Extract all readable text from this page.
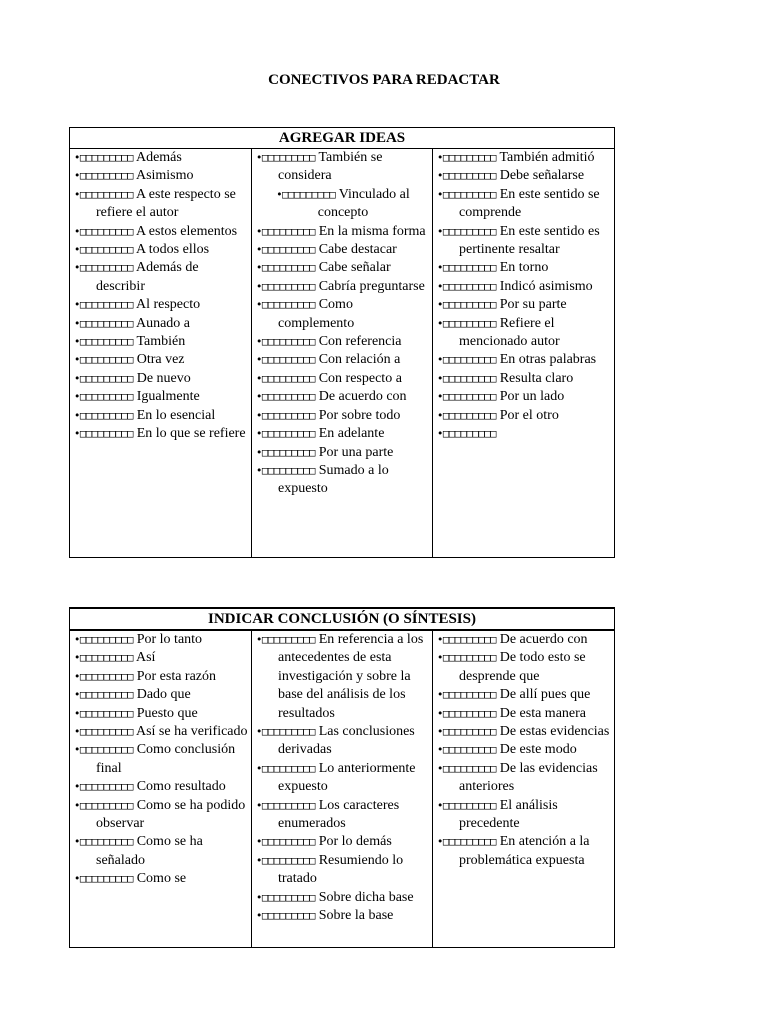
CONECTIVOS PARA REDACTAR
AGREGAR IDEAS

•□□□□□□□□□ Además
•□□□□□□□□□ Asimismo
•□□□□□□□□□ A este respecto se refiere el autor
•□□□□□□□□□ A estos elementos
•□□□□□□□□□ A todos ellos
•□□□□□□□□□ Además de describir
•□□□□□□□□□ Al respecto
•□□□□□□□□□ Aunado a
•□□□□□□□□□ También
•□□□□□□□□□ Otra vez
•□□□□□□□□□ De nuevo
•□□□□□□□□□ Igualmente
•□□□□□□□□□ En lo esencial
•□□□□□□□□□ En lo que se refiere

•□□□□□□□□□ También se considera
•□□□□□□□□□ Vinculado al concepto
•□□□□□□□□□ En la misma forma
•□□□□□□□□□ Cabe destacar
•□□□□□□□□□ Cabe señalar
•□□□□□□□□□ Cabría preguntarse
•□□□□□□□□□ Como complemento
•□□□□□□□□□ Con referencia
•□□□□□□□□□ Con relación a
•□□□□□□□□□ Con respecto a
•□□□□□□□□□ De acuerdo con
•□□□□□□□□□ Por sobre todo
•□□□□□□□□□ En adelante
•□□□□□□□□□ Por una parte
•□□□□□□□□□ Sumado a lo expuesto

•□□□□□□□□□ También admitió
•□□□□□□□□□ Debe señalarse
•□□□□□□□□□ En este sentido se comprende
•□□□□□□□□□ En este sentido es pertinente resaltar
•□□□□□□□□□ En torno
•□□□□□□□□□ Indicó asimismo
•□□□□□□□□□ Por su parte
•□□□□□□□□□ Refiere el mencionado autor
•□□□□□□□□□ En otras palabras
•□□□□□□□□□ Resulta claro
•□□□□□□□□□ Por un lado
•□□□□□□□□□ Por el otro
•□□□□□□□□□
INDICAR CONCLUSIÓN (O SÍNTESIS)

•□□□□□□□□□ Por lo tanto
•□□□□□□□□□ Así
•□□□□□□□□□ Por esta razón
•□□□□□□□□□ Dado que
•□□□□□□□□□ Puesto que
•□□□□□□□□□ Así se ha verificado
•□□□□□□□□□ Como conclusión final
•□□□□□□□□□ Como resultado
•□□□□□□□□□ Como se ha podido observar
•□□□□□□□□□ Como se ha señalado
•□□□□□□□□□ Como se

•□□□□□□□□□ En referencia a los antecedentes de esta investigación y sobre la base del análisis de los resultados
•□□□□□□□□□ Las conclusiones derivadas
•□□□□□□□□□ Lo anteriormente expuesto
•□□□□□□□□□ Los caracteres enumerados
•□□□□□□□□□ Por lo demás
•□□□□□□□□□ Resumiendo lo tratado
•□□□□□□□□□ Sobre dicha base
•□□□□□□□□□ Sobre la base

•□□□□□□□□□ De acuerdo con
•□□□□□□□□□ De todo esto se desprende que
•□□□□□□□□□ De allí pues que
•□□□□□□□□□ De esta manera
•□□□□□□□□□ De estas evidencias
•□□□□□□□□□ De este modo
•□□□□□□□□□ De las evidencias anteriores
•□□□□□□□□□ El análisis precedente
•□□□□□□□□□ En atención a la problemática expuesta
